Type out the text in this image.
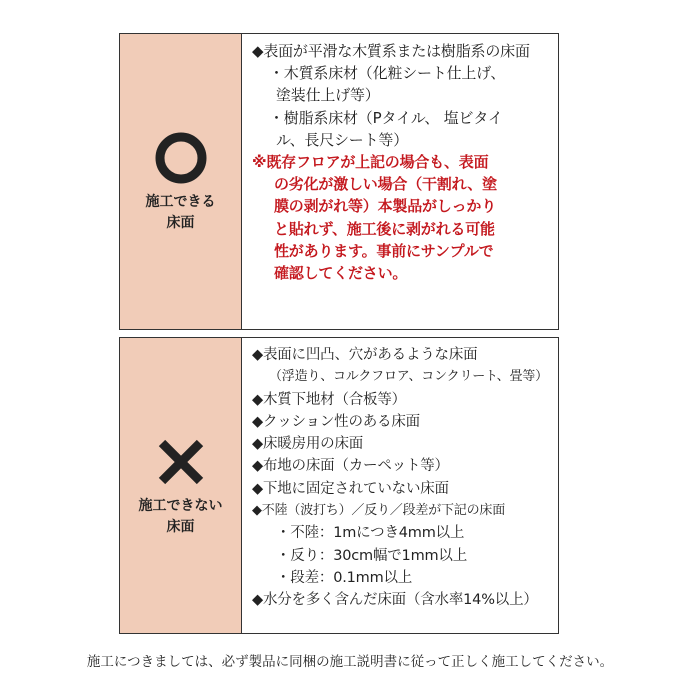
施工できる
床面
◆表面が平滑な木質系または樹脂系の床面
・木質系床材（化粧シート仕上げ、
塗装仕上げ等）
・樹脂系床材（Pタイル、 塩ビタイ
ル、長尺シート等）
※既存フロアが上記の場合も、表面
の劣化が激しい場合（干割れ、塗
膜の剥がれ等）本製品がしっかり
と貼れず、施工後に剥がれる可能
性があります。事前にサンプルで
確認してください。
施工できない
床面
◆表面に凹凸、穴があるような床面
（浮造り、コルクフロア、コンクリート、畳等）
◆木質下地材（合板等）
◆クッション性のある床面
◆床暖房用の床面
◆布地の床面（カーペット等）
◆下地に固定されていない床面
◆不陸（波打ち）／反り／段差が下記の床面
・不陸：1mにつき4mm以上
・反り：30cm幅で1mm以上
・段差：0.1mm以上
◆水分を多く含んだ床面（含水率14%以上）
施工につきましては、必ず製品に同梱の施工説明書に従って正しく施工してください。
